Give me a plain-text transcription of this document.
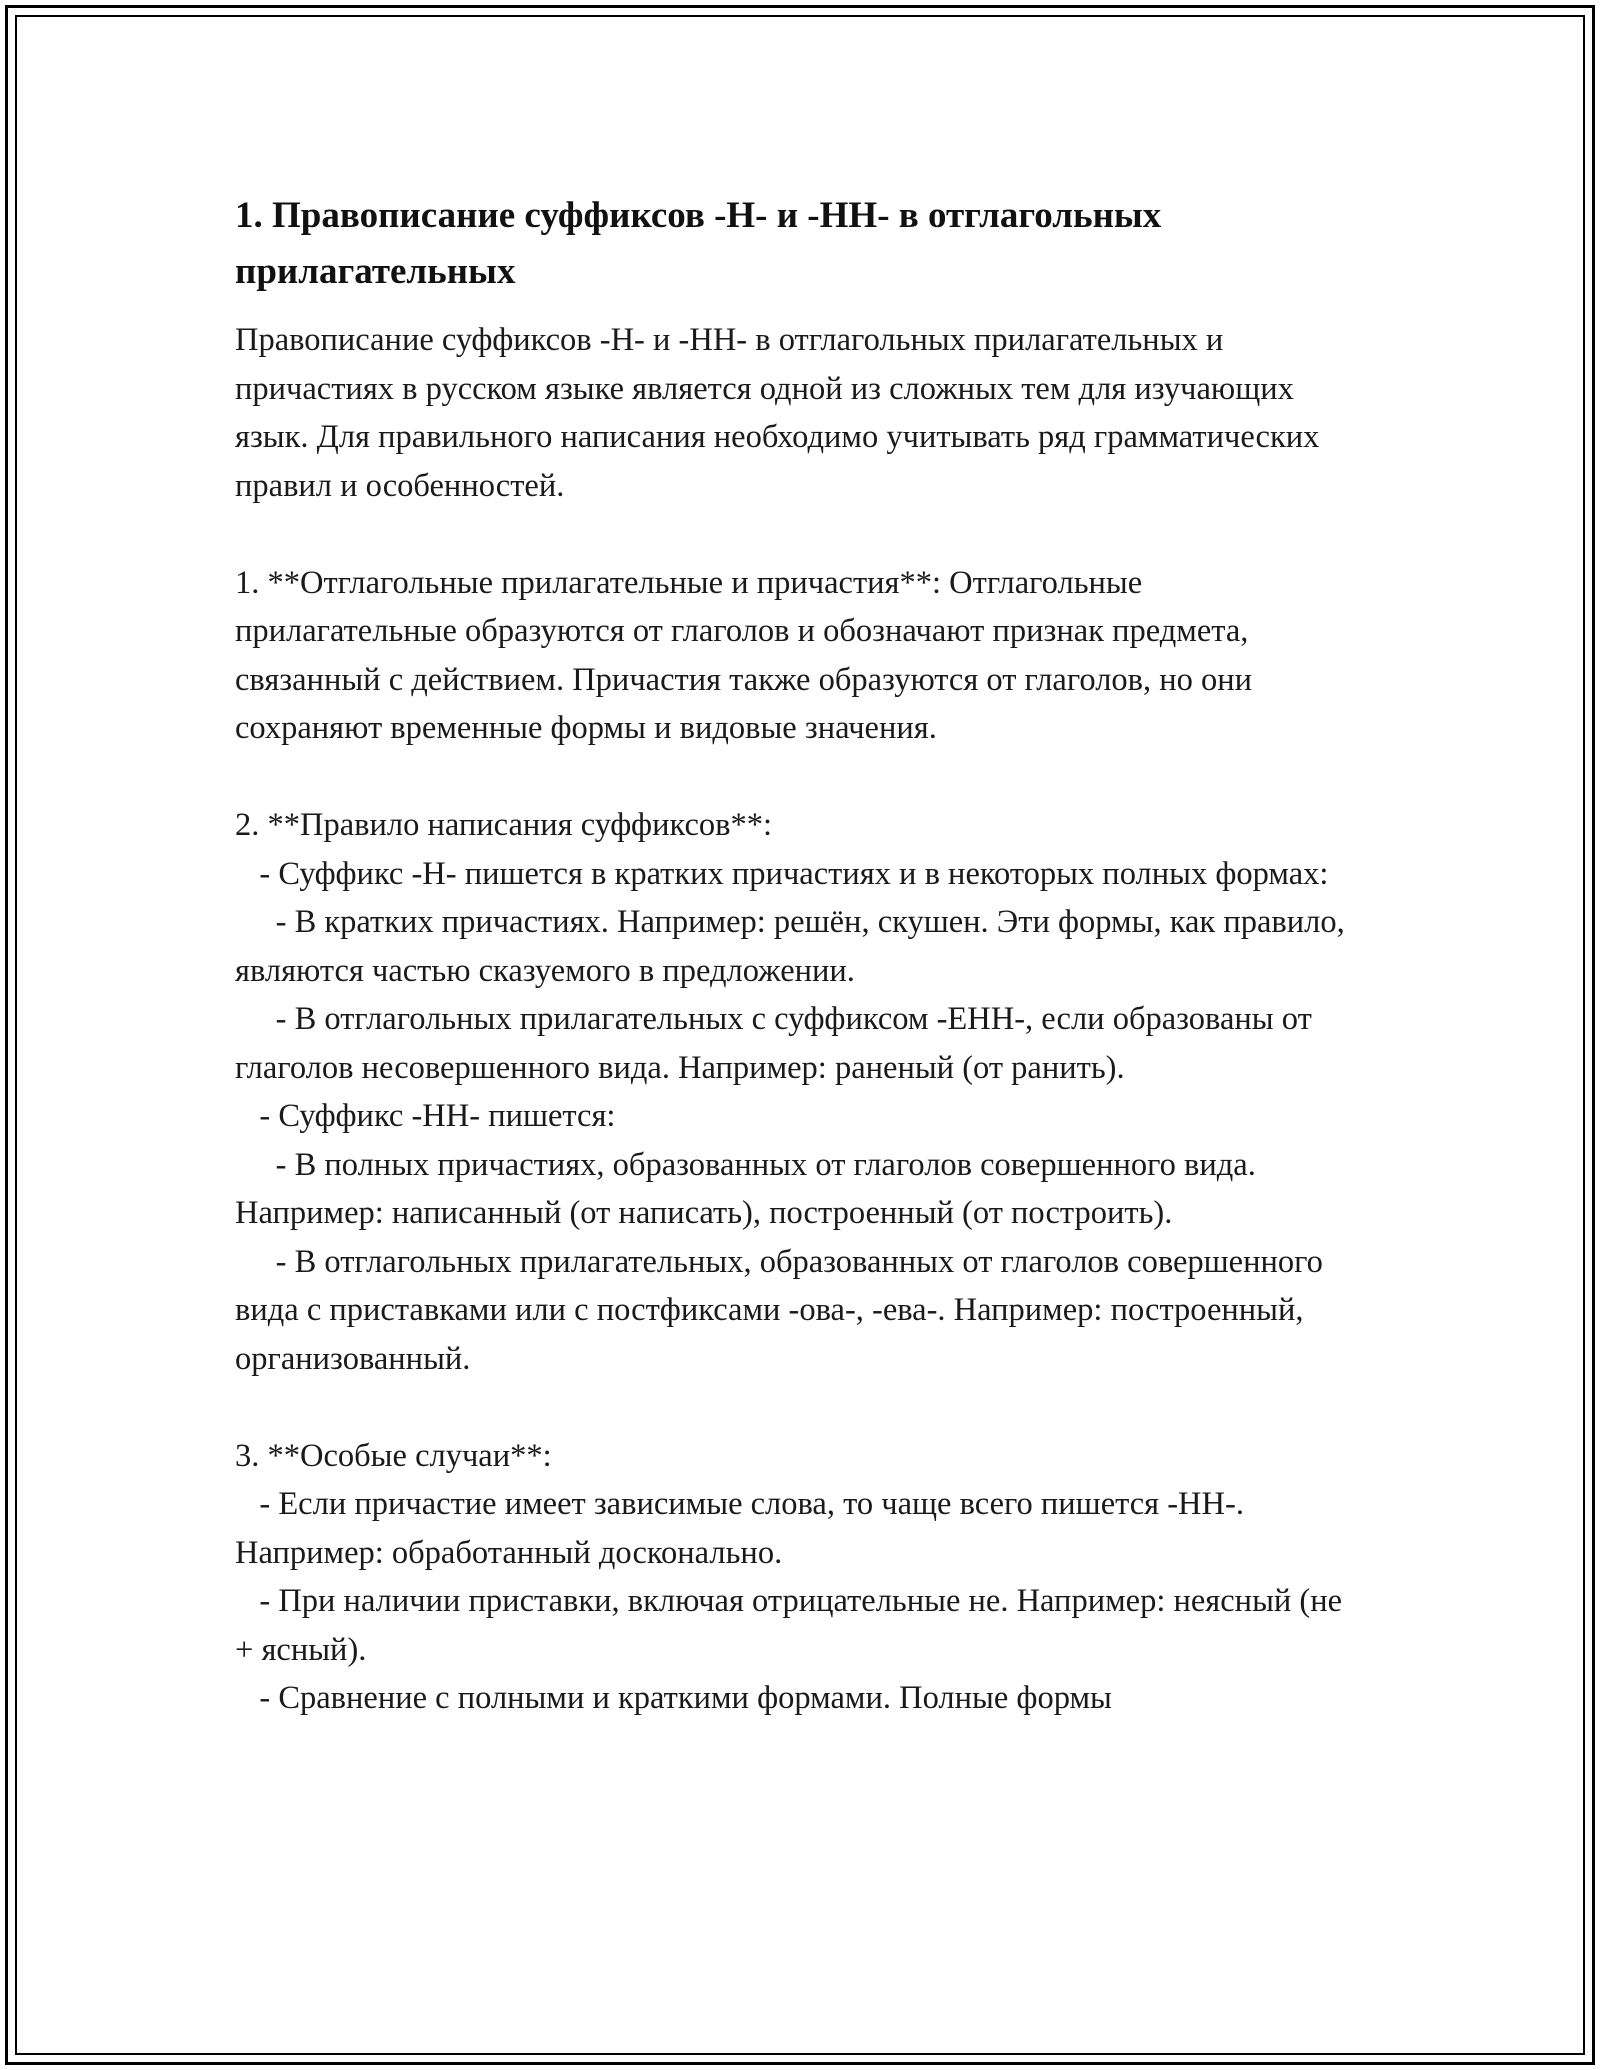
1. Правописание суффиксов -Н- и -НН- в отглагольных прилагательных

Правописание суффиксов -Н- и -НН- в отглагольных прилагательных и причастиях в русском языке является одной из сложных тем для изучающих язык. Для правильного написания необходимо учитывать ряд грамматических правил и особенностей.

1. **Отглагольные прилагательные и причастия**: Отглагольные прилагательные образуются от глаголов и обозначают признак предмета, связанный с действием. Причастия также образуются от глаголов, но они сохраняют временные формы и видовые значения.

2. **Правило написания суффиксов**:

- Суффикс -Н- пишется в кратких причастиях и в некоторых полных формах:

- В кратких причастиях. Например: решён, скушен. Эти формы, как правило, являются частью сказуемого в предложении.

- В отглагольных прилагательных с суффиксом -ЕНН-, если образованы от глаголов несовершенного вида. Например: раненый (от ранить).

- Суффикс -НН- пишется:

- В полных причастиях, образованных от глаголов совершенного вида. Например: написанный (от написать), построенный (от построить).

- В отглагольных прилагательных, образованных от глаголов совершенного вида с приставками или с постфиксами -ова-, -ева-. Например: построенный, организованный.

3. **Особые случаи**:

- Если причастие имеет зависимые слова, то чаще всего пишется -НН-. Например: обработанный досконально.

- При наличии приставки, включая отрицательные не. Например: неясный (не + ясный).

- Сравнение с полными и краткими формами. Полные формы
